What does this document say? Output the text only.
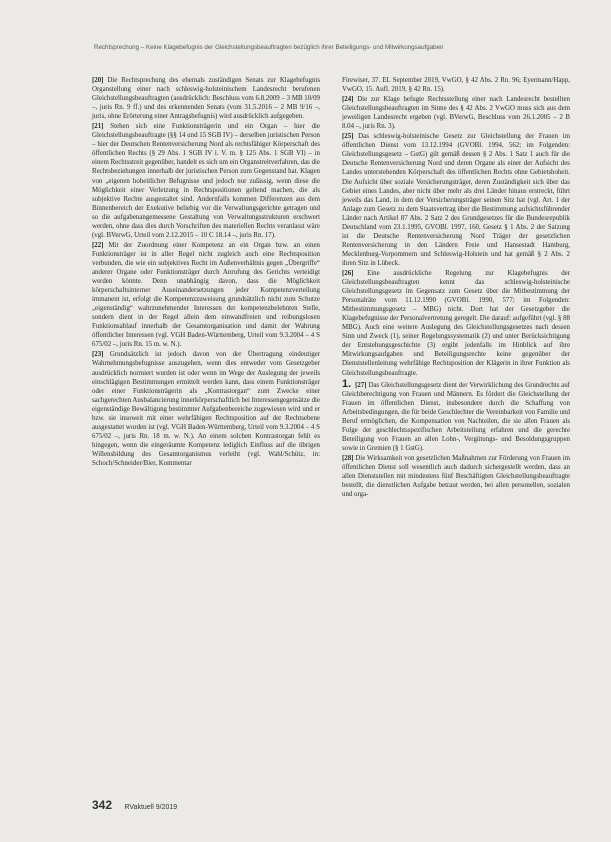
Rechtsprechung – Keine Klagebefugnis der Gleichstellungsbeauftragten bezüglich ihrer Beteiligungs- und Mitwirkungsaufgaben

[20] Die Rechtsprechung des ehemals zuständigen Senats zur Klagebefugnis Organstellung einer nach schleswig-holsteinischem Landesrecht berufenen Gleichstellungsbeauftragten (ausdrücklich: Beschluss vom 6.8.2009 – 3 MB 10/09 –, juris Rn. 9 ff.) und des erkennenden Senats (vom 31.5.2016 – 2 MB 9/16 –, juris, ohne Erörterung einer Antragsbefugnis) wird ausdrücklich aufgegeben.

[21] Stehen sich eine Funktionsträgerin und ein Organ – hier die Gleichstellungsbeauftragte (§§ 14 und 15 SGB IV) – derselben juristischen Person – hier der Deutschen Rentenversicherung Nord als rechtsfähiger Körperschaft des öffentlichen Rechts (§ 29 Abs. 1 SGB IV i. V. m. § 125 Abs. 1 SGB VI) – in einem Rechtsstreit gegenüber, handelt es sich um ein Organstreitverfahren, das die Rechtsbeziehungen innerhalb der juristischen Person zum Gegenstand hat. Klagen von „eigenen hoheitlicher Befugnisse und jedoch nur zulässig, wenn diese die Möglichkeit einer Verletzung in Rechtspositionen geltend machen, die als subjektive Rechte ausgestaltet sind. Andernfalls kommen Differenzen aus dem Binnenbereich der Exekutive beliebig vor die Verwaltungsgerichte getragen und so die aufgabenangemessene Gestaltung von Verwaltungsstrukturen erschwert werden, ohne dass dies durch Vorschriften des materiellen Rechts veranlasst wäre (vgl. BVerwG, Urteil vom 2.12.2015 – 10 C 18.14 –, juris Rn. 17).

[22] Mit der Zuordnung einer Kompetenz an ein Organ bzw. an einen Funktionsträger ist in aller Regel nicht zugleich auch eine Rechtsposition verbunden, die wie ein subjektives Recht im Außenverhältnis gegen „Übergriffe“ anderer Organe oder Funktionsträger durch Anrufung des Gerichts verteidigt werden könnte. Denn unabhängig davon, dass die Möglichkeit körperschaftsinterner Auseinandersetzungen jeder Kompetenzverteilung immanent ist, erfolgt die Kompetenzzuweisung grundsätzlich nicht zum Schutze „eigenständig“ wahrzunehmender Interessen der kompetenzbelehnten Stelle, sondern dient in der Regel allein dem einwandfreien und reibungslosen Funktionsablauf innerhalb der Gesamtorganisation und damit der Wahrung öffentlicher Interessen (vgl. VGH Baden-Württemberg, Urteil vom 9.3.2004 – 4 S 675/02 –, juris Rn. 15 m. w. N.).

[23] Grundsätzlich ist jedoch davon von der Übertragung eindeutiger Wahrnehmungsbefugnisse auszugehen, wenn dies entweder vom Gesetzgeber ausdrücklich normiert wurden ist oder wenn im Wege der Auslegung der jeweils einschlägigen Bestimmungen ermittelt werden kann, dass einem Funktionsträger oder einer Funktionsträgerin als „Kontrastorgan“ zum Zwecke einer sachgerechten Ausbalancierung innerkörperschaftlich bei Interessengegensätze die eigenständige Bewältigung bestimmter Aufgabenbereiche zugewiesen wird und er bzw. sie insoweit mit einer wehrfähigen Rechtsposition auf der Rechtsebene ausgestattet worden ist (vgl. VGH Baden-Württemberg, Urteil vom 9.3.2004 – 4 S 675/02 –, juris Rn. 18 m. w. N.). An einem solchen Kontrastorgan fehlt es hingegen, wenn die eingeräumte Kompetenz lediglich Einfluss auf die übrigen Willensbildung des Gesamtorganismus verleiht (vgl. Wahl/Schütz, in: Schoch/Schneider/Bier, Kommentar

Firewiser, 37. EL September 2019, VwGO, § 42 Abs. 2 Rn. 96; Eyermann/Happ, VwGO, 15. Aufl. 2019, § 42 Rn. 15).

[24] Die zur Klage befugte Rechtsstellung einer nach Landesrecht bestellten Gleichstellungsbeauftragten im Sinne des § 42 Abs. 2 VwGO muss sich aus dem jeweiligen Landesrecht ergeben (vgl. BVerwG, Beschluss vom 26.1.2005 – 2 B 8.04 –, juris Rn. 3).

[25] Das schleswig-holsteinische Gesetz zur Gleichstellung der Frauen im öffentlichen Dienst vom 13.12.1994 (GVOBl. 1994, 562; im Folgenden: Gleichstellungsgesetz – GstG) gilt gemäß dessen § 2 Abs. 1 Satz 1 auch für die Deutsche Rentenversicherung Nord und deren Organe als einer der Aufsicht des Landes unterstehenden Körperschaft des öffentlichen Rechts ohne Gebietshoheit. Die Aufsicht über soziale Versicherungsträger, deren Zuständigkeit sich über das Gebiet eines Landes, aber nicht über mehr als drei Länder hinaus erstreckt, führt jeweils das Land, in dem der Versicherungsträger seinen Sitz hat (vgl. Art. 1 der Anlage zum Gesetz zu dem Staatsvertrag über die Bestimmung aufsichtsführender Länder nach Artikel 87 Abs. 2 Satz 2 des Grundgesetzes für die Bundesrepublik Deutschland vom 23.1.1995, GVOBl. 1997, 160, Gesetz § 1 Abs. 2 der Satzung ist die Deutsche Rentenversicherung Nord Träger der gesetzlichen Rentenversicherung in den Ländern Freie und Hansestadt Hamburg, Mecklenburg-Vorpommern und Schleswig-Holstein und hat gemäß § 2 Abs. 2 ihren Sitz in Lübeck.

[26] Eine ausdrückliche Regelung zur Klagebefugnis der Gleichstellungsbeauftragten kennt das schleswig-holsteinische Gleichstellungsgesetz im Gegensatz zum Gesetz über die Mitbestimmung der Personalräte vom 11.12.1990 (GVOBl. 1990, 577; im Folgenden: Mitbestimmungsgesetz – MBG) nicht. Dort hat der Gesetzgeber die Klagebefugnisse der Personalvertretung geregelt. Die darauf: aufgeführt (vgl. § 88 MBG). Auch eine weitere Auslegung des Gleichstellungsgesetzes nach dessen Sinn und Zweck (1), seiner Regelungssystematik (2) und unter Berücksichtigung der Entstehungsgeschichte (3) ergibt jedenfalls im Hinblick auf ihre Mitwirkungsaufgaben und Beteiligungsrechte keine gegenüber der Dienststellenleitung wehrfähige Rechtsposition der Klägerin in ihrer Funktion als Gleichstellungsbeauftragte.

1. [27] Das Gleichstellungsgesetz dient der Verwirklichung des Grundrechts auf Gleichberechtigung von Frauen und Männern. Es fördert die Gleichstellung der Frauen im öffentlichen Dienst, insbesondere durch die Schaffung von Arbeitsbedingungen, die für beide Geschlechter die Vereinbarkeit von Familie und Beruf ermöglichen, die Kompensation von Nachteilen, die sie allen Frauen als Folge der geschlechtsspezifischen Arbeitsteilung erfahren und die gerechte Beteiligung von Frauen an allen Lohn-, Vergütungs- und Besoldungsgruppen sowie in Gremien (§ 1 GstG).

[28] Die Wirksamkeit von gesetzlichen Maßnahmen zur Förderung von Frauen im öffentlichen Dienst soll wesentlich auch dadurch sichergestellt werden, dass an allen Dienststellen mit mindestens fünf Beschäftigten Gleichstellungsbeauftragte bestellt, die dienstlichen Aufgabe betraut werden, bei allen personellen, sozialen und orga-

342 RVaktuell 9/2019
